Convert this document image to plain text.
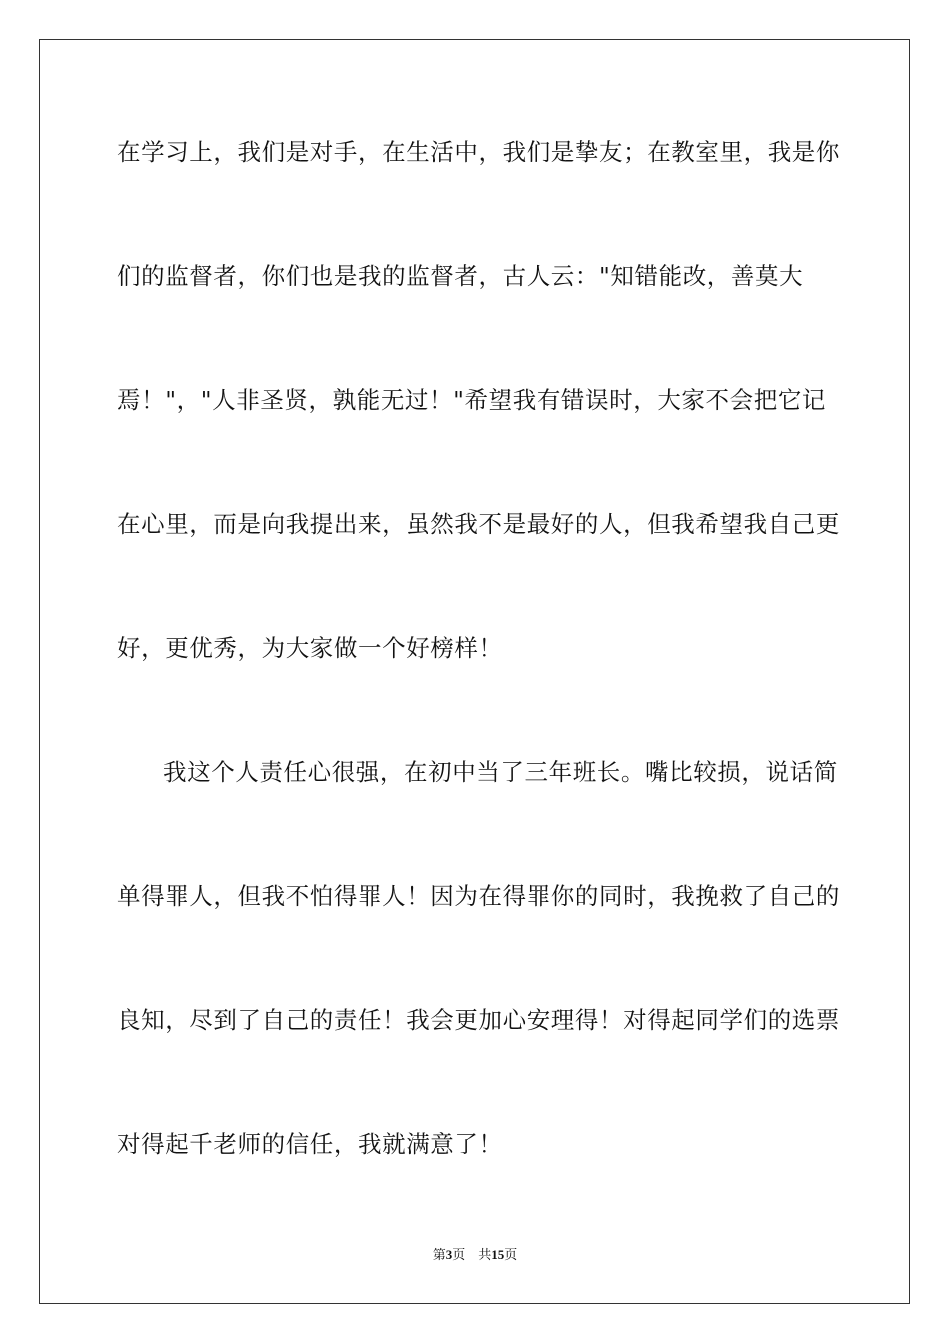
在学习上，我们是对手，在生活中，我们是挚友；在教室里，我是你
们的监督者，你们也是我的监督者，古人云："知错能改，善莫大
焉！"，"人非圣贤，孰能无过！"希望我有错误时，大家不会把它记
在心里，而是向我提出来，虽然我不是最好的人，但我希望我自己更
好，更优秀，为大家做一个好榜样！
我这个人责任心很强，在初中当了三年班长。嘴比较损，说话简
单得罪人，但我不怕得罪人！因为在得罪你的同时，我挽救了自己的
良知，尽到了自己的责任！我会更加心安理得！对得起同学们的选票
对得起千老师的信任，我就满意了！
第3页 共15页
